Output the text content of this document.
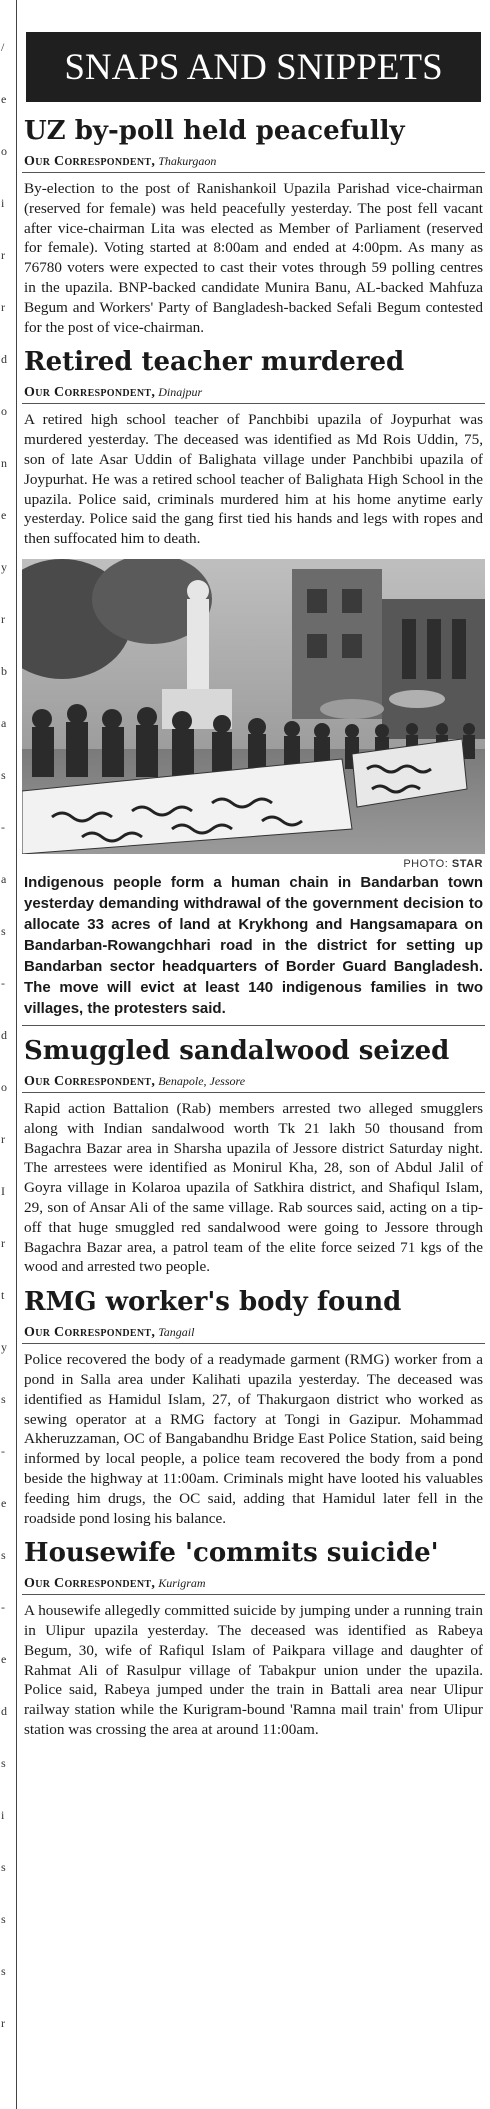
/
e
o
i
r
r
d
o
n
e
y
r
b
a
s
-
a
s
-
d
o
r
I
r
t
y
s
-
e
s
-
e
d
s
i
s
s
s
r
SNAPS AND SNIPPETS
UZ by-poll held peacefully
Our Correspondent, Thakurgaon

By-election to the post of Ranishankoil Upazila Parishad vice-chairman (reserved for female) was held peacefully yesterday. The post fell vacant after vice-chairman Lita was elected as Member of Parliament (reserved for female). Voting started at 8:00am and ended at 4:00pm. As many as 76780 voters were expected to cast their votes through 59 polling centres in the upazila. BNP-backed candidate Munira Banu, AL-backed Mahfuza Begum and Workers' Party of Bangladesh-backed Sefali Begum contested for the post of vice-chairman.

Retired teacher murdered
Our Correspondent, Dinajpur

A retired high school teacher of Panchbibi upazila of Joypurhat was murdered yesterday. The deceased was identified as Md Rois Uddin, 75, son of late Asar Uddin of Balighata village under Panchbibi upazila of Joypurhat. He was a retired school teacher of Balighata High School in the upazila. Police said, criminals murdered him at his home anytime early yesterday. Police said the gang first tied his hands and legs with ropes and then suffocated him to death.

PHOTO: STAR

Indigenous people form a human chain in Bandarban town yesterday demanding withdrawal of the government decision to allocate 33 acres of land at Krykhong and Hangsamapara on Bandarban-Rowangchhari road in the district for setting up Bandarban sector headquarters of Border Guard Bangladesh. The move will evict at least 140 indigenous families in two villages, the protesters said.

Smuggled sandalwood seized
Our Correspondent, Benapole, Jessore

Rapid action Battalion (Rab) members arrested two alleged smugglers along with Indian sandalwood worth Tk 21 lakh 50 thousand from Bagachra Bazar area in Sharsha upazila of Jessore district Saturday night. The arrestees were identified as Monirul Kha, 28, son of Abdul Jalil of Goyra village in Kolaroa upazila of Satkhira district, and Shafiqul Islam, 29, son of Ansar Ali of the same village. Rab sources said, acting on a tip-off that huge smuggled red sandalwood were going to Jessore through Bagachra Bazar area, a patrol team of the elite force seized 71 kgs of the wood and arrested two people.

RMG worker's body found
Our Correspondent, Tangail

Police recovered the body of a readymade garment (RMG) worker from a pond in Salla area under Kalihati upazila yesterday. The deceased was identified as Hamidul Islam, 27, of Thakurgaon district who worked as sewing operator at a RMG factory at Tongi in Gazipur. Mohammad Akheruzzaman, OC of Bangabandhu Bridge East Police Station, said being informed by local people, a police team recovered the body from a pond beside the highway at 11:00am. Criminals might have looted his valuables feeding him drugs, the OC said, adding that Hamidul later fell in the roadside pond losing his balance.

Housewife 'commits suicide'
Our Correspondent, Kurigram

A housewife allegedly committed suicide by jumping under a running train in Ulipur upazila yesterday. The deceased was identified as Rabeya Begum, 30, wife of Rafiqul Islam of Paikpara village and daughter of Rahmat Ali of Rasulpur village of Tabakpur union under the upazila. Police said, Rabeya jumped under the train in Battali area near Ulipur railway station while the Kurigram-bound 'Ramna mail train' from Ulipur station was crossing the area at around 11:00am.
